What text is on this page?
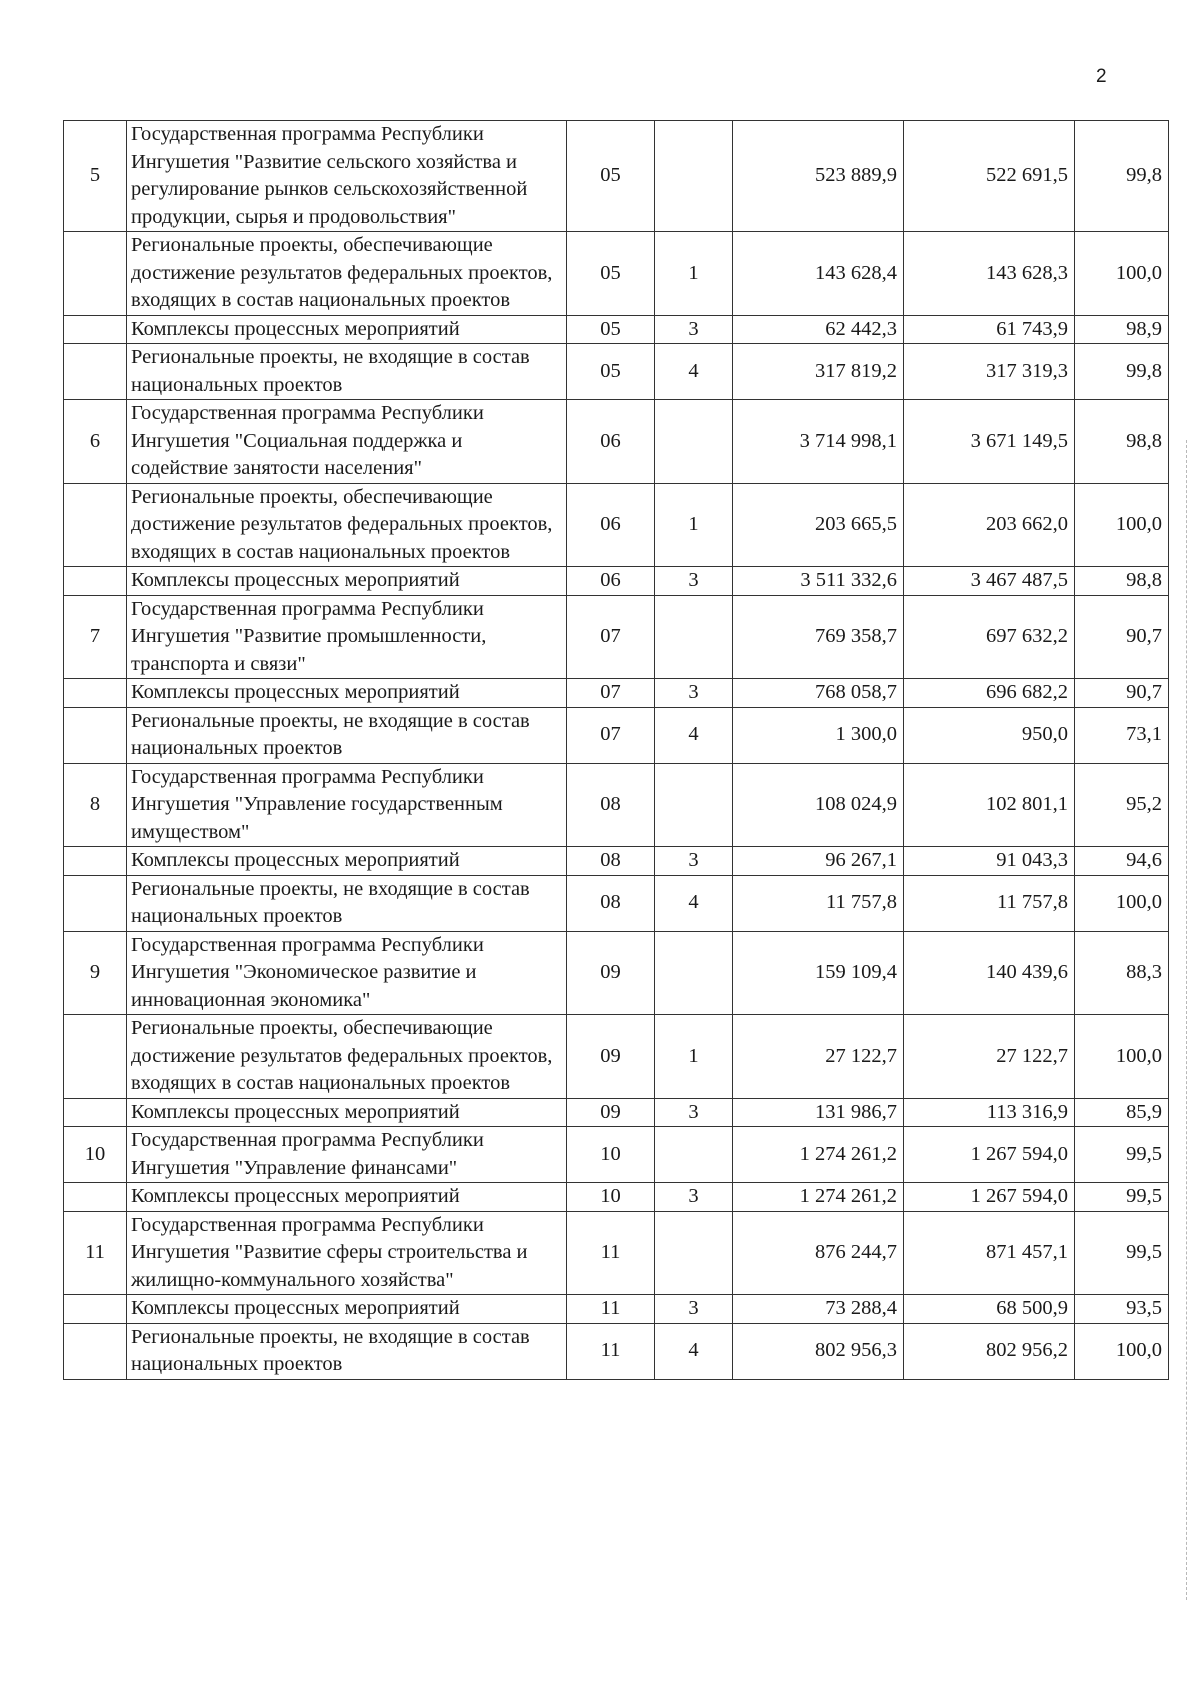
2
5	Государственная программа Республики Ингушетия "Развитие сельского хозяйства и регулирование рынков сельскохозяйственной продукции, сырья и продовольствия"	05		523 889,9	522 691,5	99,8
	Региональные проекты, обеспечивающие достижение результатов федеральных проектов, входящих в состав национальных проектов	05	1	143 628,4	143 628,3	100,0
	Комплексы процессных мероприятий	05	3	62 442,3	61 743,9	98,9
	Региональные проекты, не входящие в состав национальных проектов	05	4	317 819,2	317 319,3	99,8
6	Государственная программа Республики Ингушетия "Социальная поддержка и содействие занятости населения"	06		3 714 998,1	3 671 149,5	98,8
	Региональные проекты, обеспечивающие достижение результатов федеральных проектов, входящих в состав национальных проектов	06	1	203 665,5	203 662,0	100,0
	Комплексы процессных мероприятий	06	3	3 511 332,6	3 467 487,5	98,8
7	Государственная программа Республики Ингушетия "Развитие промышленности, транспорта и связи"	07		769 358,7	697 632,2	90,7
	Комплексы процессных мероприятий	07	3	768 058,7	696 682,2	90,7
	Региональные проекты, не входящие в состав национальных проектов	07	4	1 300,0	950,0	73,1
8	Государственная программа Республики Ингушетия "Управление государственным имуществом"	08		108 024,9	102 801,1	95,2
	Комплексы процессных мероприятий	08	3	96 267,1	91 043,3	94,6
	Региональные проекты, не входящие в состав национальных проектов	08	4	11 757,8	11 757,8	100,0
9	Государственная программа Республики Ингушетия "Экономическое развитие и инновационная экономика"	09		159 109,4	140 439,6	88,3
	Региональные проекты, обеспечивающие достижение результатов федеральных проектов, входящих в состав национальных проектов	09	1	27 122,7	27 122,7	100,0
	Комплексы процессных мероприятий	09	3	131 986,7	113 316,9	85,9
10	Государственная программа Республики Ингушетия "Управление финансами"	10		1 274 261,2	1 267 594,0	99,5
	Комплексы процессных мероприятий	10	3	1 274 261,2	1 267 594,0	99,5
11	Государственная программа Республики Ингушетия "Развитие сферы строительства и жилищно-коммунального хозяйства"	11		876 244,7	871 457,1	99,5
	Комплексы процессных мероприятий	11	3	73 288,4	68 500,9	93,5
	Региональные проекты, не входящие в состав национальных проектов	11	4	802 956,3	802 956,2	100,0
